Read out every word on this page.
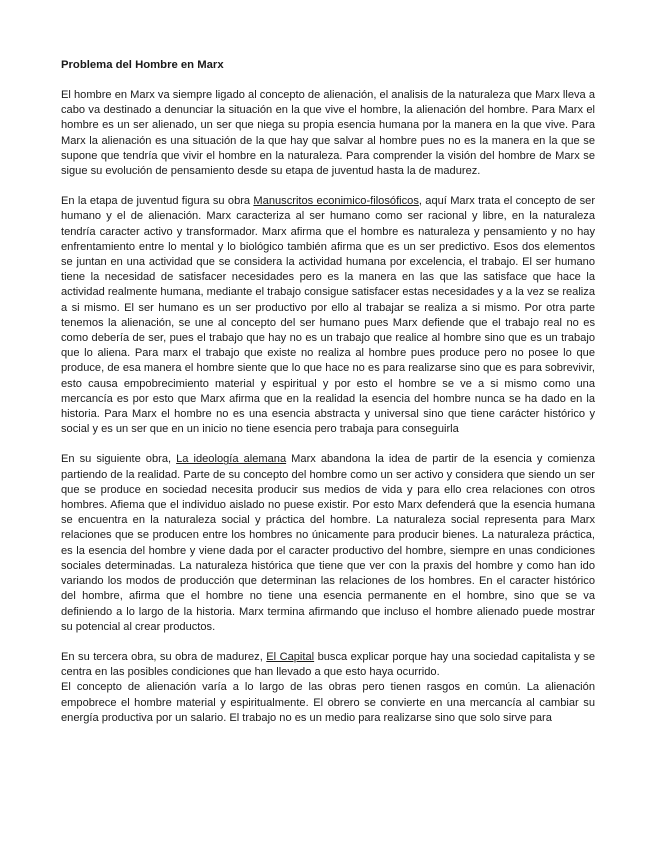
Problema del Hombre en Marx

El hombre en Marx va siempre ligado al concepto de alienación, el analisis de la naturaleza que Marx lleva a cabo va destinado a denunciar la situación en la que vive el hombre, la alienación del hombre. Para Marx el hombre es un ser alienado, un ser que niega su propia esencia humana por la manera en la que vive. Para Marx la alienación es una situación de la que hay que salvar al hombre pues no es la manera en la que se supone que tendría que vivir el hombre en la naturaleza. Para comprender la visión del hombre de Marx se sigue su evolución de pensamiento desde su etapa de juventud hasta la de madurez.

En la etapa de juventud figura su obra Manuscritos econimico-filosóficos, aquí Marx trata el concepto de ser humano y el de alienación. Marx caracteriza al ser humano como ser racional y libre, en la naturaleza tendría caracter activo y transformador. Marx afirma que el hombre es naturaleza y pensamiento y no hay enfrentamiento entre lo mental y lo biológico también afirma que es un ser predictivo. Esos dos elementos se juntan en una actividad que se considera la actividad humana por excelencia, el trabajo. El ser humano tiene la necesidad de satisfacer necesidades pero es la manera en las que las satisface que hace la actividad realmente humana, mediante el trabajo consigue satisfacer estas necesidades y a la vez se realiza a si mismo. El ser humano es un ser productivo por ello al trabajar se realiza a si mismo. Por otra parte tenemos la alienación, se une al concepto del ser humano pues Marx defiende que el trabajo real no es como debería de ser, pues el trabajo que hay no es un trabajo que realice al hombre sino que es un trabajo que lo aliena. Para marx el trabajo que existe no realiza al hombre pues produce pero no posee lo que produce, de esa manera el hombre siente que lo que hace no es para realizarse sino que es para sobrevivir, esto causa empobrecimiento material y espiritual y por esto el hombre se ve a si mismo como una mercancía es por esto que Marx afirma que en la realidad la esencia del hombre nunca se ha dado en la historia. Para Marx el hombre no es una esencia abstracta y universal sino que tiene carácter histórico y social y es un ser que en un inicio no tiene esencia pero trabaja para conseguirla

En su siguiente obra, La ideología alemana Marx abandona la idea de partir de la esencia y comienza partiendo de la realidad. Parte de su concepto del hombre como un ser activo y considera que siendo un ser que se produce en sociedad necesita producir sus medios de vida y para ello crea relaciones con otros hombres. Afiema que el individuo aislado no puese existir. Por esto Marx defenderá que la esencia humana se encuentra en la naturaleza social y práctica del hombre. La naturaleza social representa para Marx relaciones que se producen entre los hombres no únicamente para producir bienes. La naturaleza práctica, es la esencia del hombre y viene dada por el caracter productivo del hombre, siempre en unas condiciones sociales determinadas. La naturaleza histórica que tiene que ver con la praxis del hombre y como han ido variando los modos de producción que determinan las relaciones de los hombres. En el caracter histórico del hombre, afirma que el hombre no tiene una esencia permanente en el hombre, sino que se va definiendo a lo largo de la historia. Marx termina afirmando que incluso el hombre alienado puede mostrar su potencial al crear productos.

En su tercera obra, su obra de madurez, El Capital busca explicar porque hay una sociedad capitalista y se centra en las posibles condiciones que han llevado a que esto haya ocurrido.

El concepto de alienación varía a lo largo de las obras pero tienen rasgos en común. La alienación empobrece el hombre material y espiritualmente. El obrero se convierte en una mercancía al cambiar su energía productiva por un salario. El trabajo no es un medio para realizarse sino que solo sirve para
